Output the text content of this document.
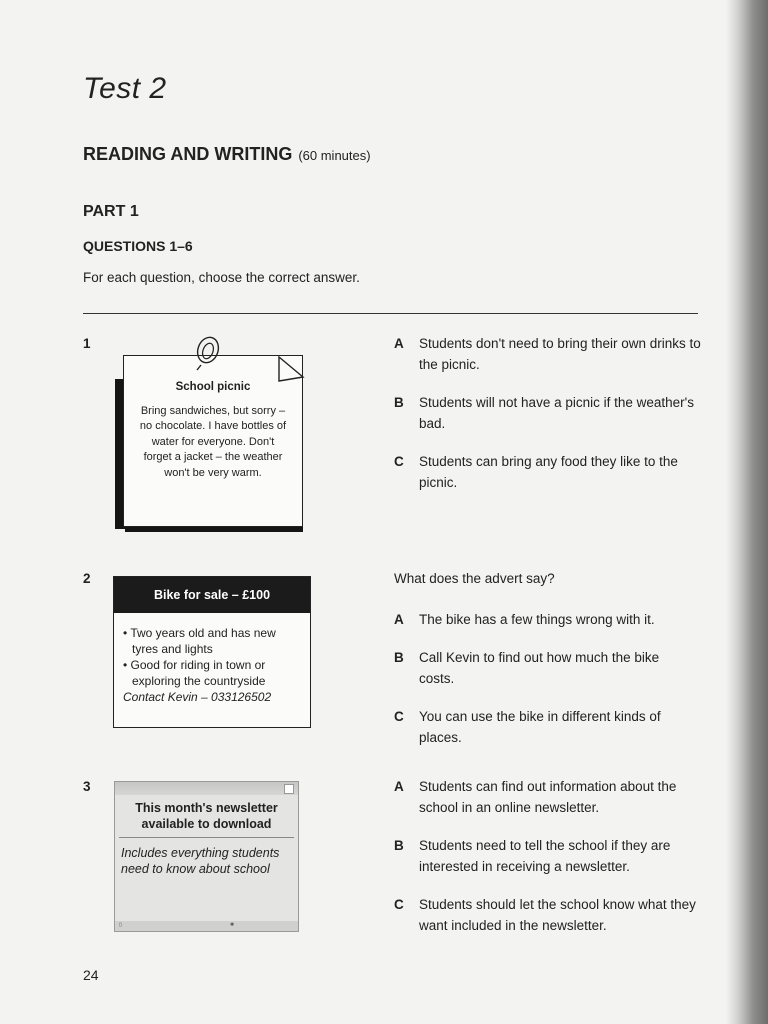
Test 2
READING AND WRITING (60 minutes)
PART 1
QUESTIONS 1–6
For each question, choose the correct answer.
1
School picnic
Bring sandwiches, but sorry – no chocolate. I have bottles of water for everyone. Don't forget a jacket – the weather won't be very warm.
A Students don't need to bring their own drinks to the picnic.
B Students will not have a picnic if the weather's bad.
C Students can bring any food they like to the picnic.
2
Bike for sale – £100
• Two years old and has new tyres and lights
• Good for riding in town or exploring the countryside
Contact Kevin – 033126502
What does the advert say?
A The bike has a few things wrong with it.
B Call Kevin to find out how much the bike costs.
C You can use the bike in different kinds of places.
3
This month's newsletter available to download
Includes everything students need to know about school
▯	✱
A Students can find out information about the school in an online newsletter.
B Students need to tell the school if they are interested in receiving a newsletter.
C Students should let the school know what they want included in the newsletter.
24
